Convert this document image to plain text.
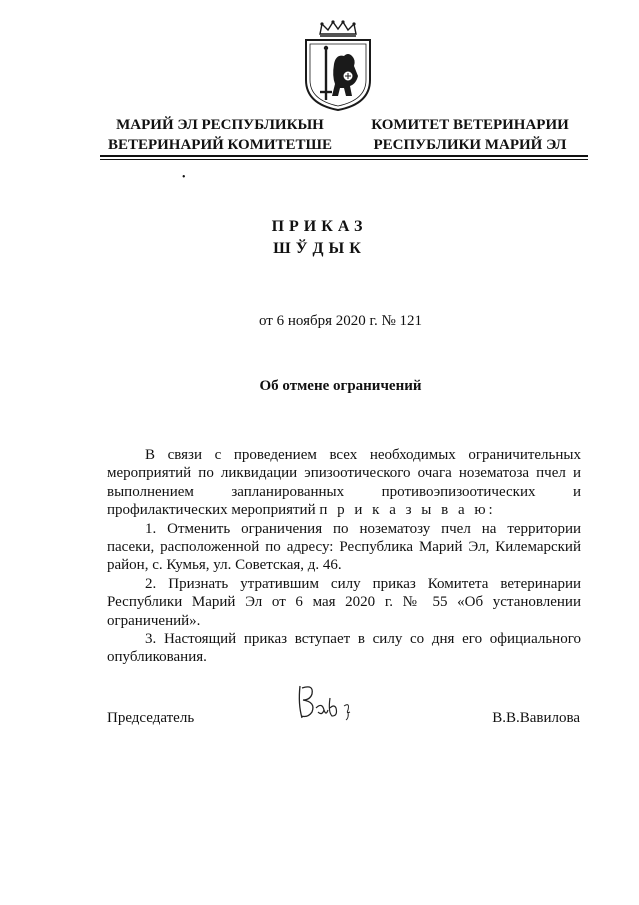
МАРИЙ ЭЛ РЕСПУБЛИКЫН
ВЕТЕРИНАРИЙ КОМИТЕТШЕ
КОМИТЕТ ВЕТЕРИНАРИИ
РЕСПУБЛИКИ МАРИЙ ЭЛ
•
ПРИКАЗ
ШЎДЫК
от 6 ноября 2020 г. № 121
Об отмене ограничений

В связи с проведением всех необходимых ограничительных мероприятий по ликвидации эпизоотического очага нозематоза пчел и выполнением запланированных противоэпизоотических и профилактических мероприятий п р и к а з ы в а ю:

1. Отменить ограничения по нозематозу пчел на территории пасеки, расположенной по адресу: Республика Марий Эл, Килемарский район, с. Кумья, ул. Советская, д. 46.

2. Признать утратившим силу приказ Комитета ветеринарии Республики Марий Эл от 6 мая 2020 г. № 55 «Об установлении ограничений».

3. Настоящий приказ вступает в силу со дня его официального опубликования.

Председатель	В.В.Вавилова
